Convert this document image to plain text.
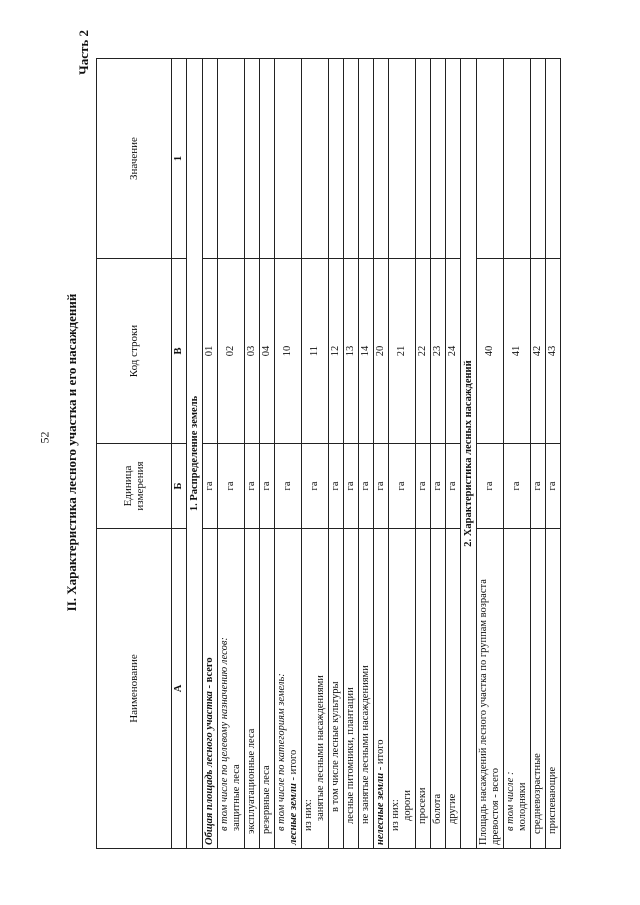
52 II. Характеристика лесного участка и его насаждений
Часть 2
Наименование	Единица измерения	Код строки	Значение
А	Б	В	1
1. Распределение земель			
Общая площадь лесного участка - всего	га	01	

в том числе по целевому назначению лесов: защитные леса	га	02	
эксплуатационные леса	га	03	
резервные леса	га	04	

в том числе по категориям земель: лесные земли - итого	га	10	

из них: занятые лесными насаждениями	га	11	
в том числе лесные культуры	га	12	
лесные питомники, плантации	га	13	
не занятые лесными насаждениями	га	14	
нелесные земли - итого	га	20	

из них: дороги	га	21	
просеки	га	22	
болота	га	23	
другие	га	24	
2. Характеристика лесных насаждений			
Площадь насаждений лесного участка по группам возраста древостоя - всего	га	40	

в том числе : молодняки	га	41	
средневозрастные	га	42	
приспевающие	га	43	
